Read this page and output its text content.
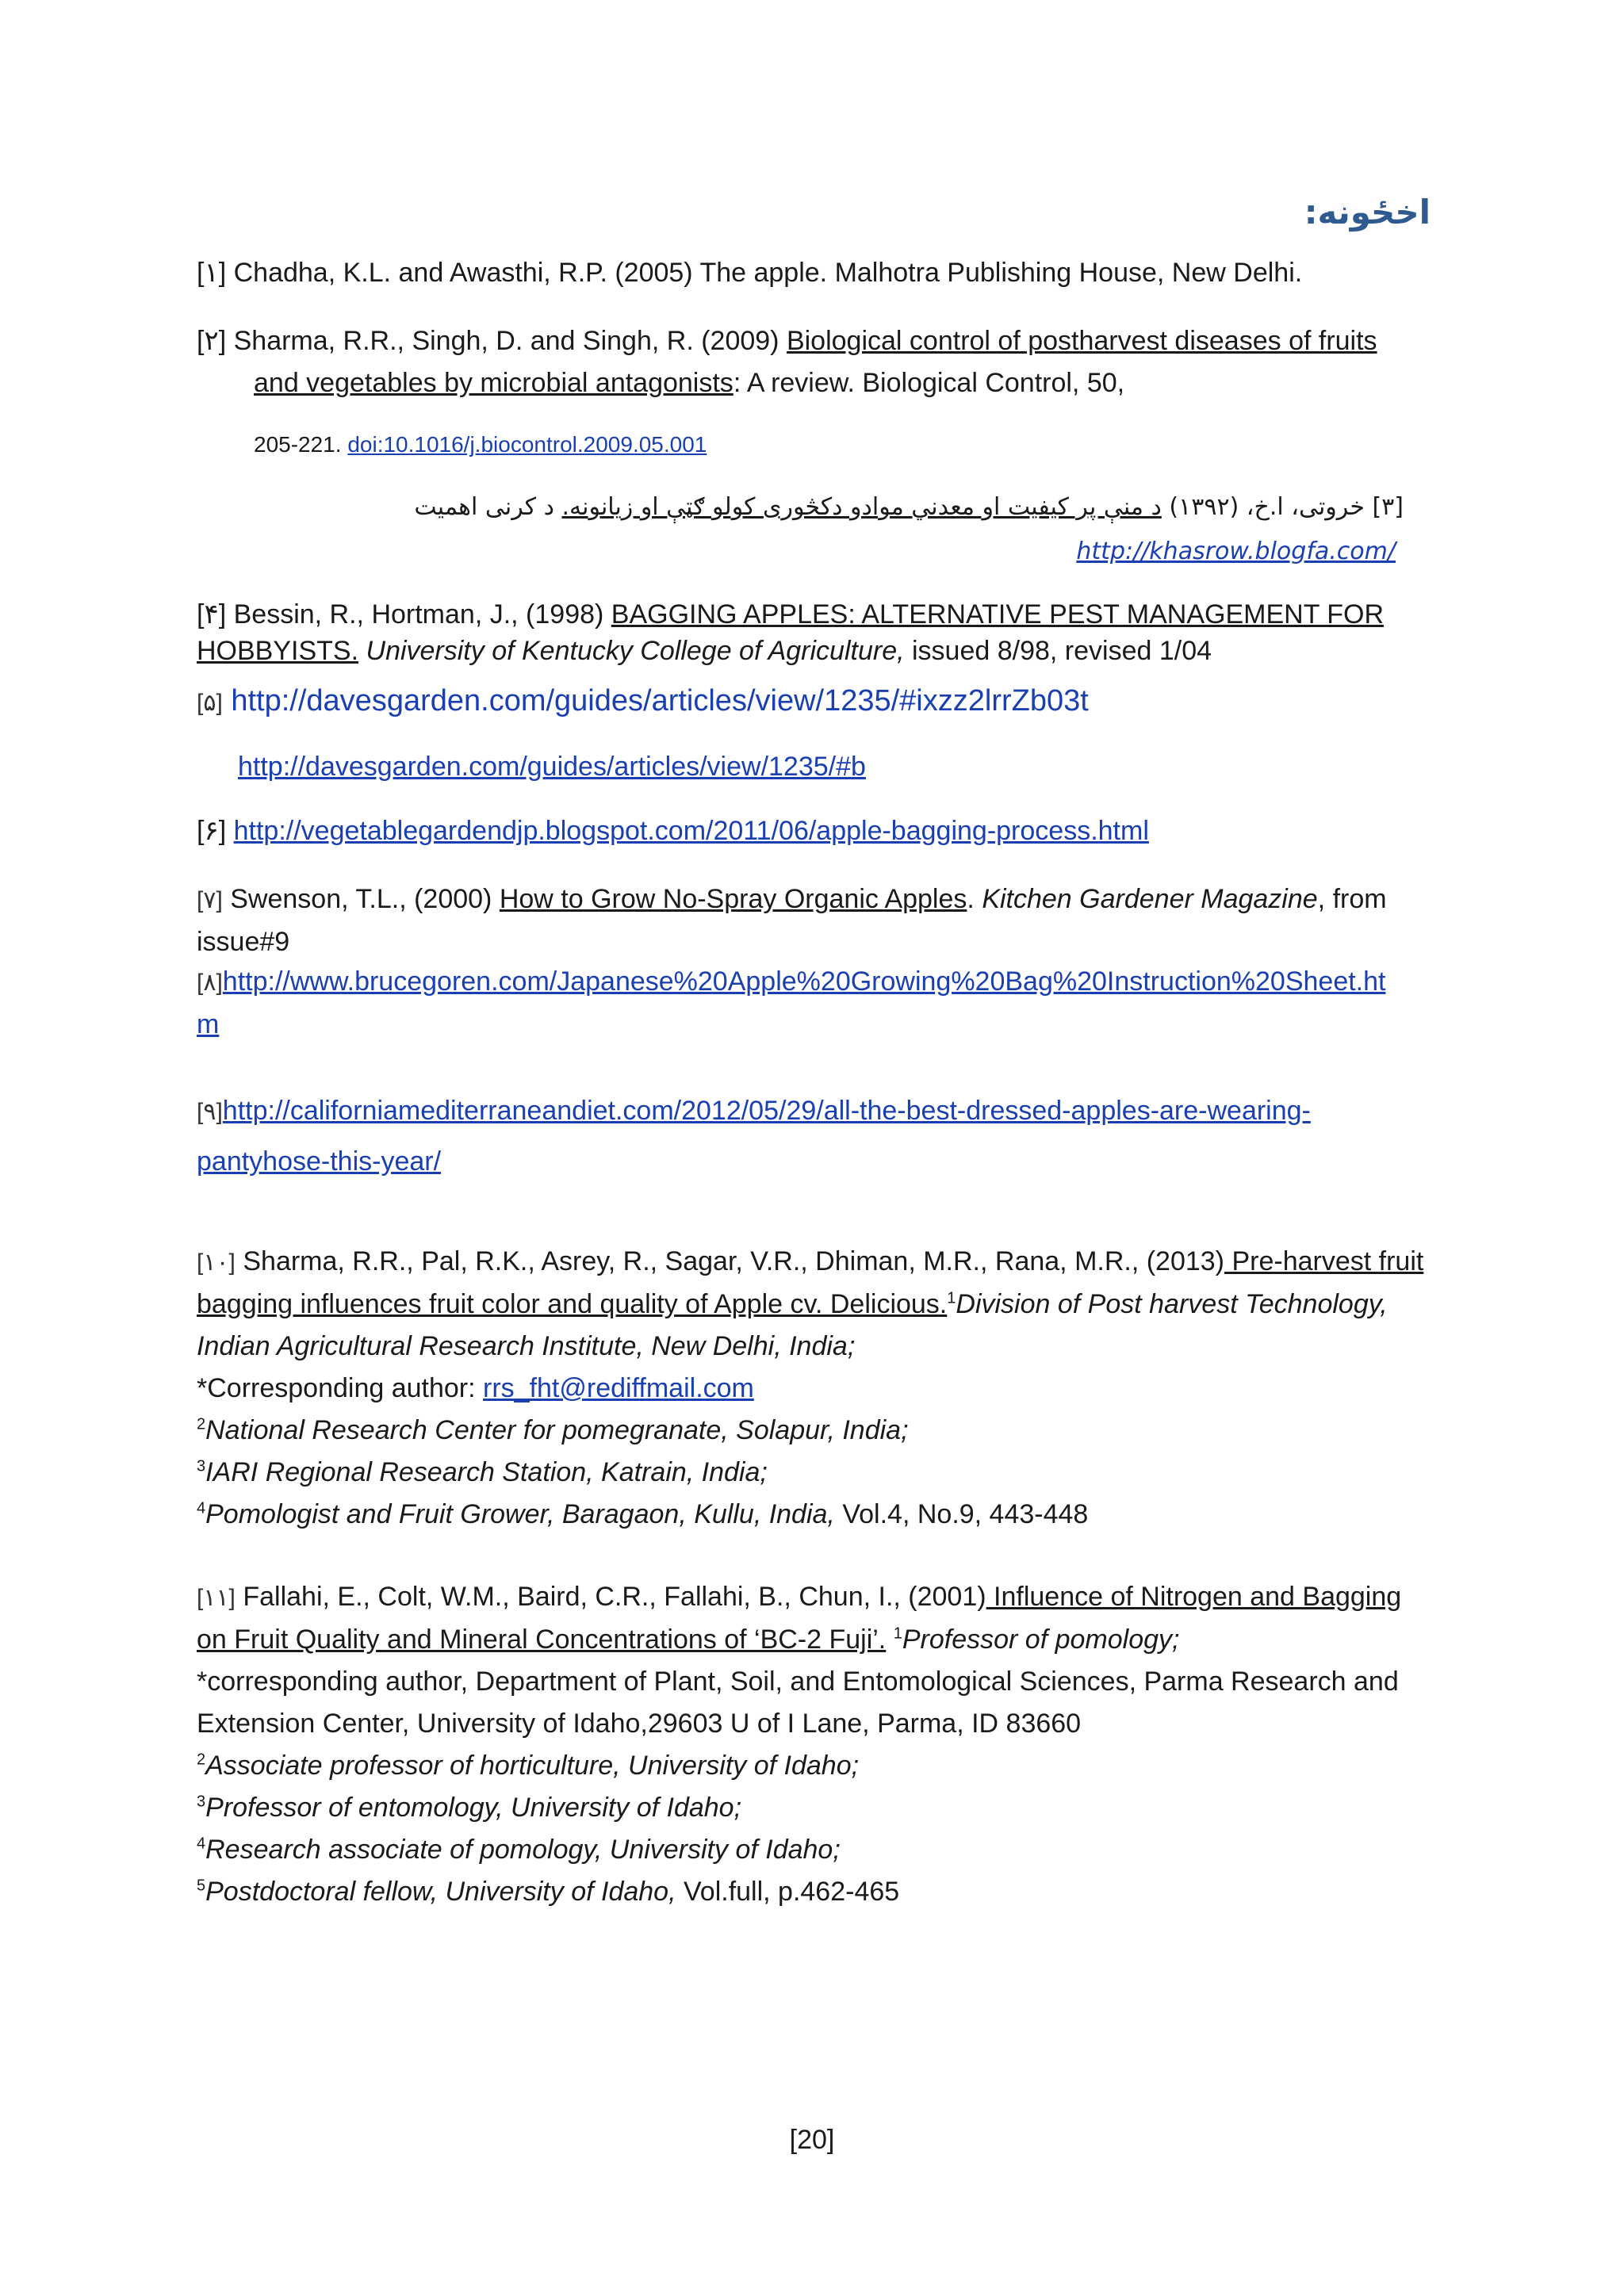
اخځونه:
[۱] Chadha, K.L. and Awasthi, R.P. (2005) The apple. Malhotra Publishing House, New Delhi.
[۲] Sharma, R.R., Singh, D. and Singh, R. (2009) Biological control of postharvest diseases of fruits
and vegetables by microbial antagonists: A review. Biological Control, 50,
205-221. doi:10.1016/j.biocontrol.2009.05.001
[۳] خروتی، ا.خ، (۱۳۹۲) د منې پر کیفیت او معدني موادو دکڅوری کولو ګټې او زیانونه. د کرنی اهمیت
http://khasrow.blogfa.com/
[۴] Bessin, R., Hortman, J., (1998) BAGGING APPLES: ALTERNATIVE PEST MANAGEMENT FOR
HOBBYISTS. University of Kentucky College of Agriculture, issued 8/98, revised 1/04
[۵] http://davesgarden.com/guides/articles/view/1235/#ixzz2lrrZb03t
http://davesgarden.com/guides/articles/view/1235/#b
[۶] http://vegetablegardendjp.blogspot.com/2011/06/apple-bagging-process.html
[۷] Swenson, T.L., (2000) How to Grow No-Spray Organic Apples. Kitchen Gardener Magazine, from
issue#9
[۸]http://www.brucegoren.com/Japanese%20Apple%20Growing%20Bag%20Instruction%20Sheet.ht
m
[۹]http://californiamediterraneandiet.com/2012/05/29/all-the-best-dressed-apples-are-wearing-
pantyhose-this-year/
[۱۰] Sharma, R.R., Pal, R.K., Asrey, R., Sagar, V.R., Dhiman, M.R., Rana, M.R., (2013) Pre-harvest fruit
bagging influences fruit color and quality of Apple cv. Delicious.$^1$Division of Post harvest Technology,
Indian Agricultural Research Institute, New Delhi, India;
*Corresponding author: rrs_fht@rediffmail.com
$^2$National Research Center for pomegranate, Solapur, India;
$^3$IARI Regional Research Station, Katrain, India;
$^4$Pomologist and Fruit Grower, Baragaon, Kullu, India, Vol.4, No.9, 443-448
[۱۱] Fallahi, E., Colt, W.M., Baird, C.R., Fallahi, B., Chun, I., (2001) Influence of Nitrogen and Bagging
on Fruit Quality and Mineral Concentrations of ‘BC-2 Fuji’. $^1$Professor of pomology;
*corresponding author, Department of Plant, Soil, and Entomological Sciences, Parma Research and
Extension Center, University of Idaho,29603 U of I Lane, Parma, ID 83660
$^2$Associate professor of horticulture, University of Idaho;
$^3$Professor of entomology, University of Idaho;
$^4$Research associate of pomology, University of Idaho;
$^5$Postdoctoral fellow, University of Idaho, Vol.full, p.462-465
[20]
